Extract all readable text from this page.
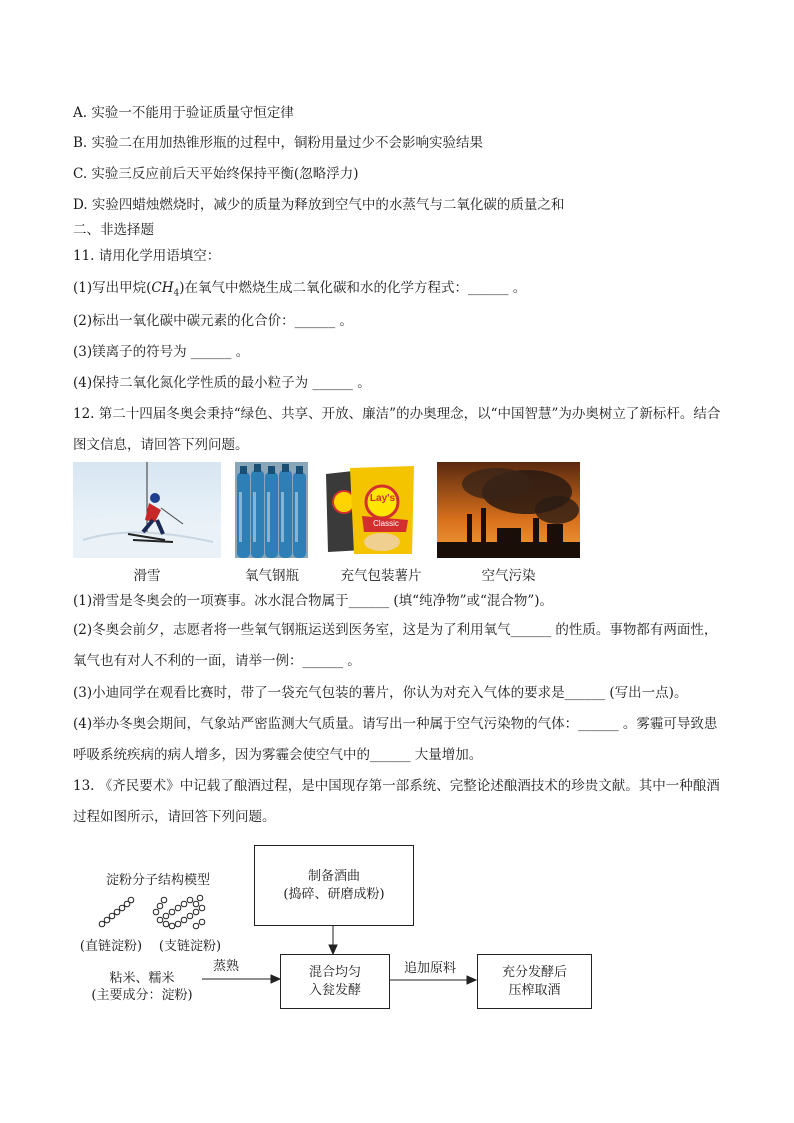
A. 实验一不能用于验证质量守恒定律
B. 实验二在用加热锥形瓶的过程中，铜粉用量过少不会影响实验结果
C. 实验三反应前后天平始终保持平衡(忽略浮力)
D. 实验四蜡烛燃烧时，减少的质量为释放到空气中的水蒸气与二氧化碳的质量之和
二、非选择题
11. 请用化学用语填空：
(1)写出甲烷$(CH_4)$在氧气中燃烧生成二氧化碳和水的化学方程式：______ 。
(2)标出一氧化碳中碳元素的化合价：______ 。
(3)镁离子的符号为 ______ 。
(4)保持二氧化氮化学性质的最小粒子为 ______ 。
12. 第二十四届冬奥会秉持“绿色、共享、开放、廉洁”的办奥理念，以“中国智慧”为办奥树立了新标杆。结合图文信息，请回答下列问题。
Lay's
Classic
滑雪	氧气钢瓶	充气包装薯片	空气污染
(1)滑雪是冬奥会的一项赛事。冰水混合物属于______ (填“纯净物”或“混合物”)。
(2)冬奥会前夕，志愿者将一些氧气钢瓶运送到医务室，这是为了利用氧气______ 的性质。事物都有两面性，氧气也有对人不利的一面，请举一例：______ 。
(3)小迪同学在观看比赛时，带了一袋充气包装的薯片，你认为对充入气体的要求是______ (写出一点)。
(4)举办冬奥会期间，气象站严密监测大气质量。请写出一种属于空气污染物的气体：______ 。雾霾可导致患呼吸系统疾病的病人增多，因为雾霾会使空气中的______ 大量增加。
13. 《齐民要术》中记载了酿酒过程，是中国现存第一部系统、完整论述酿酒技术的珍贵文献。其中一种酿酒过程如图所示，请回答下列问题。
淀粉分子结构模型
(直链淀粉)	(支链淀粉)
粘米、糯米
(主要成分：淀粉)
蒸熟
制备酒曲
(捣碎、研磨成粉)
混合均匀
入瓮发酵
追加原料	充分发酵后
压榨取酒
